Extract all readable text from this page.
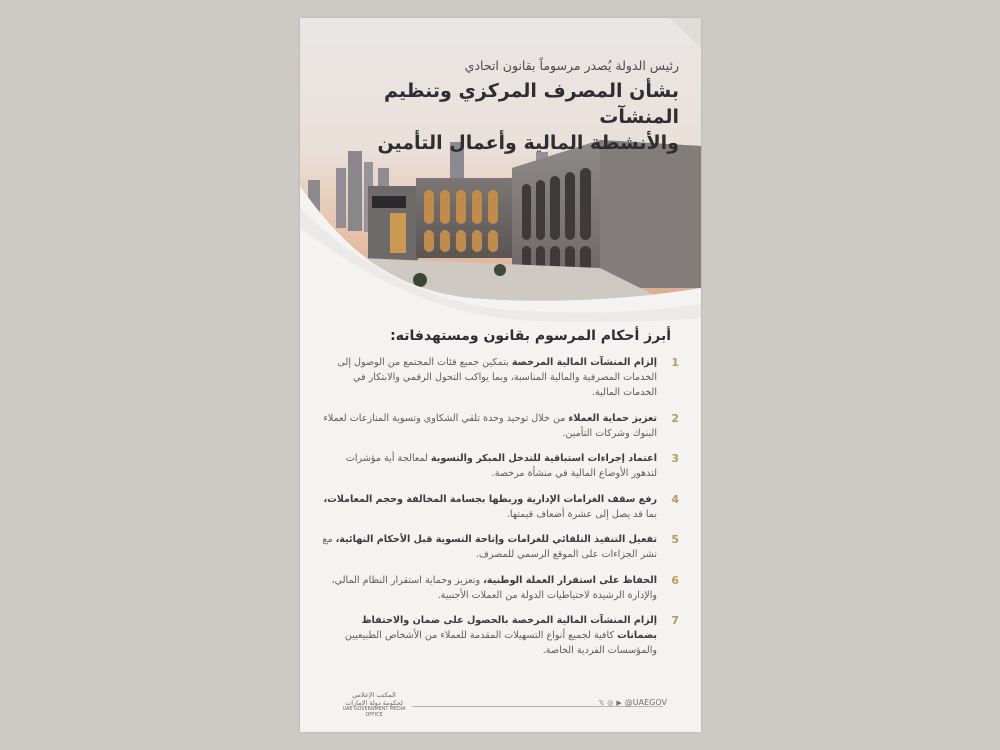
رئيس الدولة يُصدر مرسوماً بقانون اتحادي
بشأن المصرف المركزي وتنظيم المنشآت
والأنشطة المالية وأعمال التأمين
أبرز أحكام المرسوم بقانون ومستهدفاته:
1
إلزام المنشآت المالية المرخصة بتمكين جميع فئات المجتمع من الوصول إلى الخدمات المصرفية والمالية المناسبة، وبما يواكب التحول الرقمي والابتكار في الخدمات المالية.
2
تعزيز حماية العملاء من خلال توحيد وحدة تلقي الشكاوى وتسوية المنازعات لعملاء البنوك وشركات التأمين.
3
اعتماد إجراءات استباقية للتدخل المبكر والتسوية لمعالجة أية مؤشرات لتدهور الأوضاع المالية في منشأة مرخصة.
4
رفع سقف الغرامات الإدارية وربطها بجسامة المخالفة وحجم المعاملات، بما قد يصل إلى عشرة أضعاف قيمتها.
5
تفعيل التنفيذ التلقائي للغرامات وإتاحة التسوية قبل الأحكام النهائية، مع نشر الجزاءات على الموقع الرسمي للمصرف.
6
الحفاظ على استقرار العملة الوطنية، وتعزيز وحماية استقرار النظام المالي، والإدارة الرشيدة لاحتياطيات الدولة من العملات الأجنبية.
7
إلزام المنشآت المالية المرخصة بالحصول على ضمان والاحتفاظ بضمانات كافية لجميع أنواع التسهيلات المقدمة للعملاء من الأشخاص الطبيعيين والمؤسسات الفردية الخاصة.
𝕏 ◎ ▶ @UAEGOV
المكتب الإعلامي
لحكومة دولة الإمارات
UAE GOVERNMENT MEDIA OFFICE
